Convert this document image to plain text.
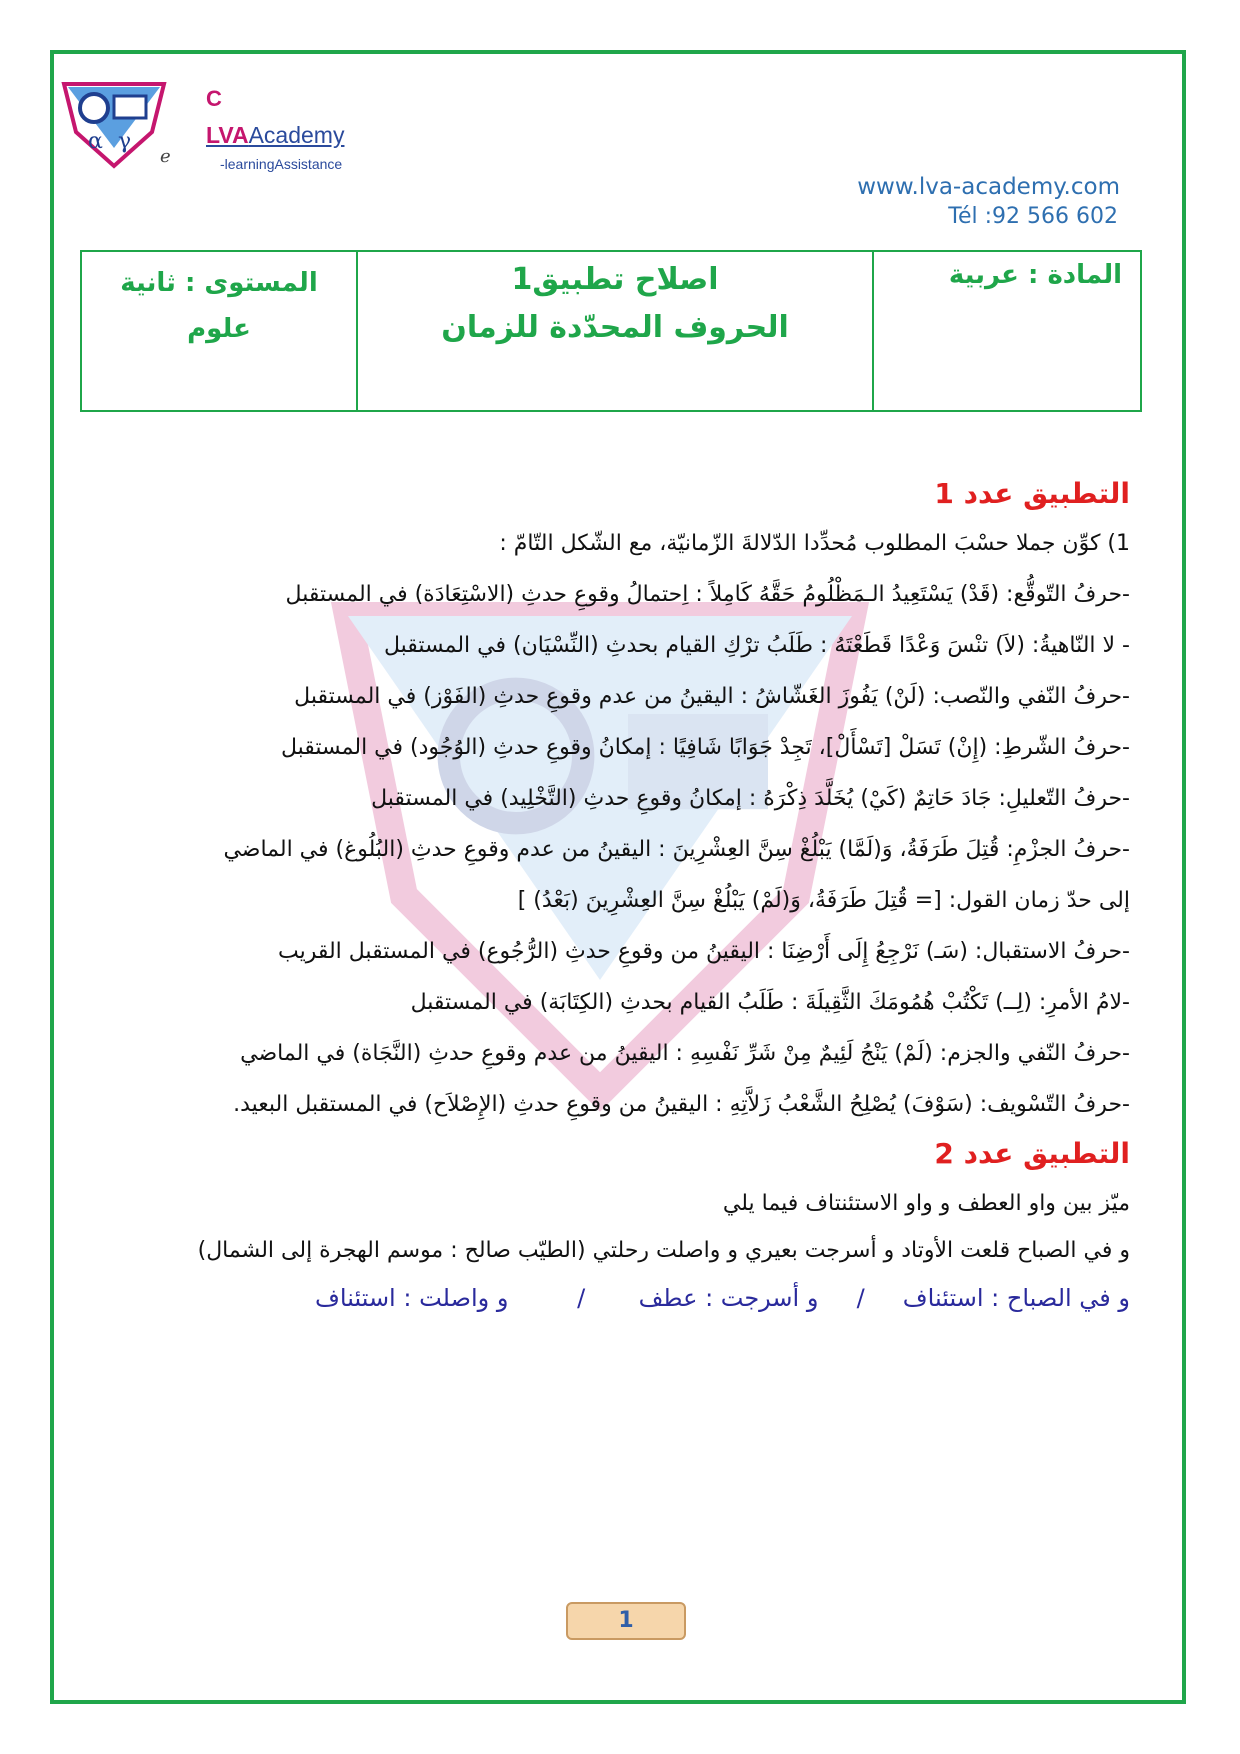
α γ
e
C
LVAAcademy
-learningAssistance
www.lva-academy.com
Tél :92 566 602
المادة : عربية
اصلاح تطبيق1
الحروف المحدّدة للزمان
المستوى : ثانية
علوم
التطبيق عدد 1
1) كوِّن جملا حسْبَ المطلوب مُحدِّدا الدّلالةَ الزّمانيّة، مع الشّكل التّامّ :
-حرفُ التّوقُّع: (قَدْ) يَسْتَعِيدُ الـمَظْلُومُ حَقَّهُ كَامِلاً : اِحتمالُ وقوعِ حدثِ (الاسْتِعَادَة) في المستقبل
- لا النّاهيةُ: (لاَ) تنْسَ وَعْدًا قَطَعْتَهُ : طَلَبُ ترْكِ القيام بحدثِ (النِّسْيَان) في المستقبل
-حرفُ النّفي والنّصب: (لَنْ) يَفُوزَ الغَشّاشُ : اليقينُ من عدم وقوعِ حدثِ (الفَوْز) في المستقبل
-حرفُ الشّرطِ: (إِنْ) تَسَلْ [تَسْأَلْ]، تَجِدْ جَوَابًا شَافِيًا : إمكانُ وقوعِ حدثِ (الوُجُود) في المستقبل
-حرفُ التّعليلِ: جَادَ حَاتِمٌ (كَيْ) يُخَلَّدَ ذِكْرَهُ : إمكانُ وقوعِ حدثِ (التَّخْلِيد) في المستقبل
-حرفُ الجزْمِ: قُتِلَ طَرَفَةُ، وَ(لَمَّا) يَبْلُغْ سِنَّ العِشْرِينَ : اليقينُ من عدم وقوعِ حدثِ (البُلُوغ) في الماضي
إلى حدّ زمان القول: [= قُتِلَ طَرَفَةُ، وَ(لَمْ) يَبْلُغْ سِنَّ العِشْرِينَ (بَعْدُ) ]
-حرفُ الاستقبال: (سَـ) نَرْجِعُ إِلَى أَرْضِنَا : اليقينُ من وقوعِ حدثِ (الرُّجُوع) في المستقبل القريب
-لامُ الأمرِ: (لِــ) تَكْتُبْ هُمُومَكَ الثَّقِيلَةَ : طَلَبُ القيام بحدثِ (الكِتَابَة) في المستقبل
-حرفُ النّفي والجزم: (لَمْ) يَنْجُ لَئِيمٌ مِنْ شَرِّ نَفْسِهِ : اليقينُ من عدم وقوعِ حدثِ (النَّجَاة) في الماضي
-حرفُ التّسْويف: (سَوْفَ) يُصْلِحُ الشَّعْبُ زَلاَّتِهِ : اليقينُ من وقوعِ حدثِ (الإِصْلاَح) في المستقبل البعيد.
التطبيق عدد 2
ميّز بين واو العطف و واو الاستئنتاف فيما يلي
و في الصباح قلعت الأوتاد و أسرجت بعيري و واصلت رحلتي (الطيّب صالح : موسم الهجرة إلى الشمال)
و في الصباح : استئناف     /     و أسرجت : عطف       /         و واصلت : استئناف
1
